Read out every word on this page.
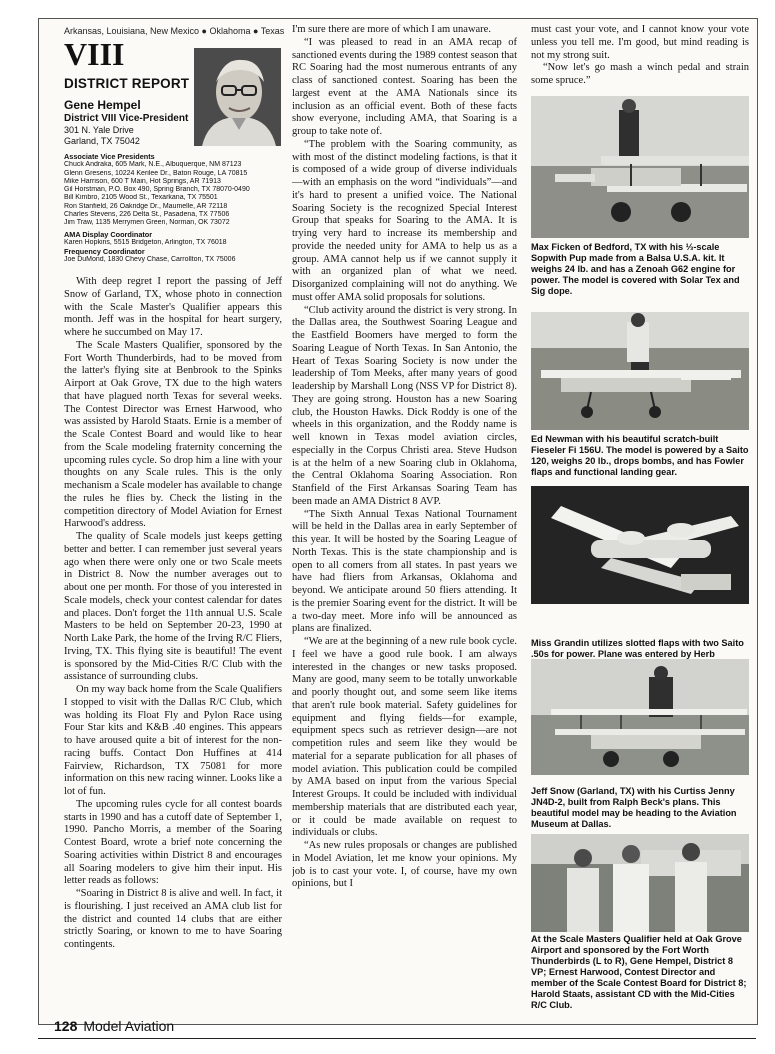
Arkansas, Louisiana, New Mexico ● Oklahoma ● Texas
VIII
DISTRICT REPORT
Gene Hempel
District VIII Vice-President
301 N. Yale Drive
Garland, TX 75042
Associate Vice Presidents
Chuck Andraka, 605 Mark, N.E., Albuquerque, NM 87123
Glenn Gresens, 10224 Kerilee Dr., Baton Rouge, LA 70815
Mike Harrison, 600 T Main, Hot Springs, AR 71913
Gil Horstman, P.O. Box 490, Spring Branch, TX 78070-0490
Bill Kimbro, 2105 Wood St., Texarkana, TX 75501
Ron Stanfield, 26 Oakridge Dr., Maumelle, AR 72118
Charles Stevens, 226 Delta St., Pasadena, TX 77506
Jim Traw, 1135 Merrymen Green, Norman, OK 73072
AMA Display Coordinator
Karen Hopkins, 5515 Bridgeton, Arlington, TX 76018
Frequency Coordinator
Joe DuMond, 1830 Chevy Chase, Carrollton, TX 75006

With deep regret I report the passing of Jeff Snow of Garland, TX, whose photo in connection with the Scale Master's Qualifier appears this month. Jeff was in the hospital for heart surgery, where he succumbed on May 17.

The Scale Masters Qualifier, sponsored by the Fort Worth Thunderbirds, had to be moved from the latter's flying site at Benbrook to the Spinks Airport at Oak Grove, TX due to the high waters that have plagued north Texas for several weeks. The Contest Director was Ernest Harwood, who was assisted by Harold Staats. Ernie is a member of the Scale Contest Board and would like to hear from the Scale modeling fraternity concerning the upcoming rules cycle. So drop him a line with your thoughts on any Scale rules. This is the only mechanism a Scale modeler has available to change the rules he flies by. Check the listing in the competition directory of Model Aviation for Ernest Harwood's address.

The quality of Scale models just keeps getting better and better. I can remember just several years ago when there were only one or two Scale meets in District 8. Now the number averages out to about one per month. For those of you interested in Scale models, check your contest calendar for dates and places. Don't forget the 11th annual U.S. Scale Masters to be held on September 20-23, 1990 at North Lake Park, the home of the Irving R/C Fliers, Irving, TX. This flying site is beautiful! The event is sponsored by the Mid-Cities R/C Club with the assistance of surrounding clubs.

On my way back home from the Scale Qualifiers I stopped to visit with the Dallas R/C Club, which was holding its Float Fly and Pylon Race using Four Star kits and K&B .40 engines. This appears to have aroused quite a bit of interest for the non-racing buffs. Contact Don Huffines at 414 Fairview, Richardson, TX 75081 for more information on this new racing winner. Looks like a lot of fun.

The upcoming rules cycle for all contest boards starts in 1990 and has a cutoff date of September 1, 1990. Pancho Morris, a member of the Soaring Contest Board, wrote a brief note concerning the Soaring activities within District 8 and encourages all Soaring modelers to give him their input. His letter reads as follows:

“Soaring in District 8 is alive and well. In fact, it is flourishing. I just received an AMA club list for the district and counted 14 clubs that are either strictly Soaring, or known to me to have Soaring contingents.

I'm sure there are more of which I am unaware.

“I was pleased to read in an AMA recap of sanctioned events during the 1989 contest season that RC Soaring had the most numerous entrants of any class of sanctioned contest. Soaring has been the largest event at the AMA Nationals since its inclusion as an official event. Both of these facts show everyone, including AMA, that Soaring is a group to take note of.

“The problem with the Soaring community, as with most of the distinct modeling factions, is that it is composed of a wide group of diverse individuals—with an emphasis on the word “individuals”—and it's hard to present a unified voice. The National Soaring Society is the recognized Special Interest Group that speaks for Soaring to the AMA. It is trying very hard to increase its membership and provide the needed unity for AMA to help us as a group. AMA cannot help us if we cannot supply it with an organized plan of what we need. Disorganized complaining will not do anything. We must offer AMA solid proposals for solutions.

“Club activity around the district is very strong. In the Dallas area, the Southwest Soaring League and the Eastfield Boomers have merged to form the Soaring League of North Texas. In San Antonio, the Heart of Texas Soaring Society is now under the leadership of Tom Meeks, after many years of good leadership by Marshall Long (NSS VP for District 8). They are going strong. Houston has a new Soaring club, the Houston Hawks. Dick Roddy is one of the wheels in this organization, and the Roddy name is well known in Texas model aviation circles, especially in the Corpus Christi area. Steve Hudson is at the helm of a new Soaring club in Oklahoma, the Central Oklahoma Soaring Association. Ron Stanfield of the First Arkansas Soaring Team has been made an AMA District 8 AVP.

“The Sixth Annual Texas National Tournament will be held in the Dallas area in early September of this year. It will be hosted by the Soaring League of North Texas. This is the state championship and is open to all comers from all states. In past years we have had fliers from Arkansas, Oklahoma and beyond. We anticipate around 50 fliers attending. It is the premier Soaring event for the district. It will be a two-day meet. More info will be announced as plans are finalized.

“We are at the beginning of a new rule book cycle. I feel we have a good rule book. I am always interested in the changes or new tasks proposed. Many are good, many seem to be totally unworkable and poorly thought out, and some seem like items that aren't rule book material. Safety guidelines for equipment and flying fields—for example, equipment specs such as retriever design—are not competition rules and seem like they would be material for a separate publication for all phases of model aviation. This publication could be compiled by AMA based on input from the various Special Interest Groups. It could be included with individual membership materials that are distributed each year, or it could be made available on request to individuals or clubs.

“As new rules proposals or changes are published in Model Aviation, let me know your opinions. My job is to cast your vote. I, of course, have my own opinions, but I

must cast your vote, and I cannot know your vote unless you tell me. I'm good, but mind reading is not my strong suit.

“Now let's go mash a winch pedal and strain some spruce.”

Max Ficken of Bedford, TX with his ⅓-scale Sopwith Pup made from a Balsa U.S.A. kit. It weighs 24 lb. and has a Zenoah G62 engine for power. The model is covered with Solar Tex and Sig dope.
Ed Newman with his beautiful scratch-built Fieseler Fi 156U. The model is powered by a Saito 120, weighs 20 lb., drops bombs, and has Fowler flaps and functional landing gear.
Miss Grandin utilizes slotted flaps with two Saito .50s for power. Plane was entered by Herb
Jeff Snow (Garland, TX) with his Curtiss Jenny JN4D-2, built from Ralph Beck's plans. This beautiful model may be heading to the Aviation Museum at Dallas.
At the Scale Masters Qualifier held at Oak Grove Airport and sponsored by the Fort Worth Thunderbirds (L to R), Gene Hempel, District 8 VP; Ernest Harwood, Contest Director and member of the Scale Contest Board for District 8; Harold Staats, assistant CD with the Mid-Cities R/C Club.
128 Model Aviation
